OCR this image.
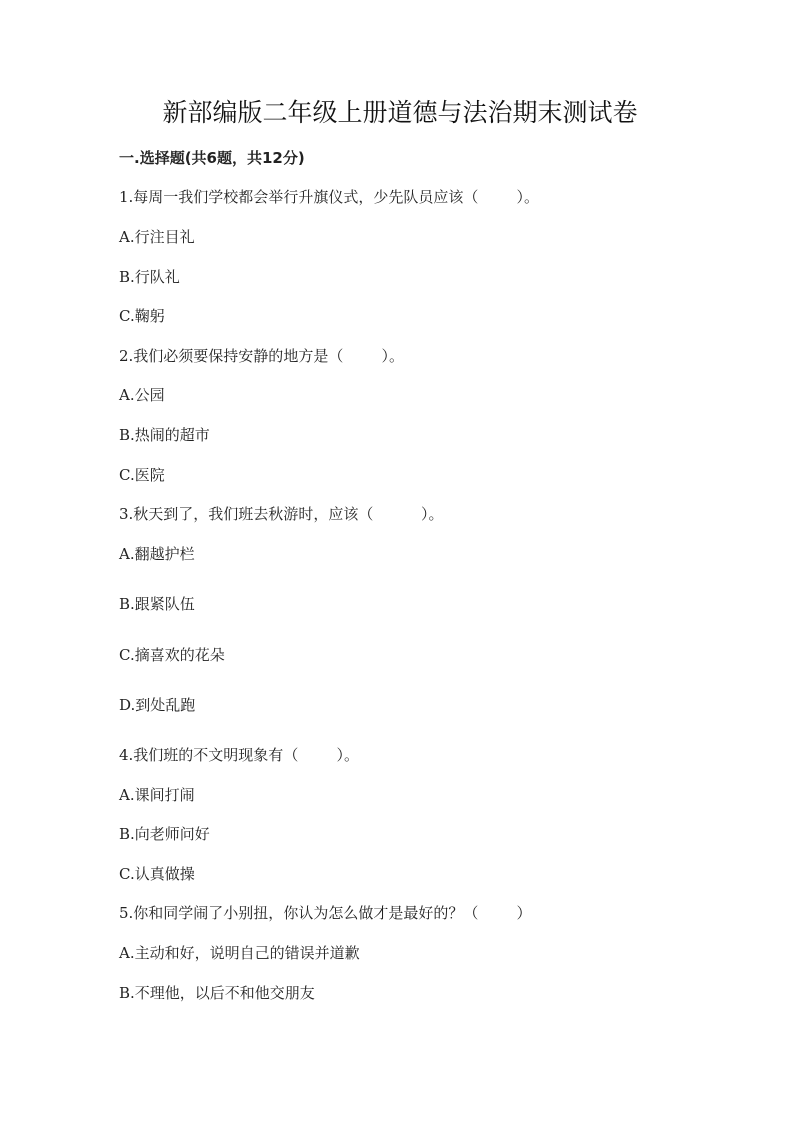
新部编版二年级上册道德与法治期末测试卷
一.选择题(共6题，共12分)
1.每周一我们学校都会举行升旗仪式，少先队员应该（        ）。
A.行注目礼
B.行队礼
C.鞠躬
2.我们必须要保持安静的地方是（        ）。
A.公园
B.热闹的超市
C.医院
3.秋天到了，我们班去秋游时，应该（          ）。
A.翻越护栏
B.跟紧队伍
C.摘喜欢的花朵
D.到处乱跑
4.我们班的不文明现象有（        ）。
A.课间打闹
B.向老师问好
C.认真做操
5.你和同学闹了小别扭，你认为怎么做才是最好的？（        ）
A.主动和好，说明自己的错误并道歉
B.不理他，以后不和他交朋友
